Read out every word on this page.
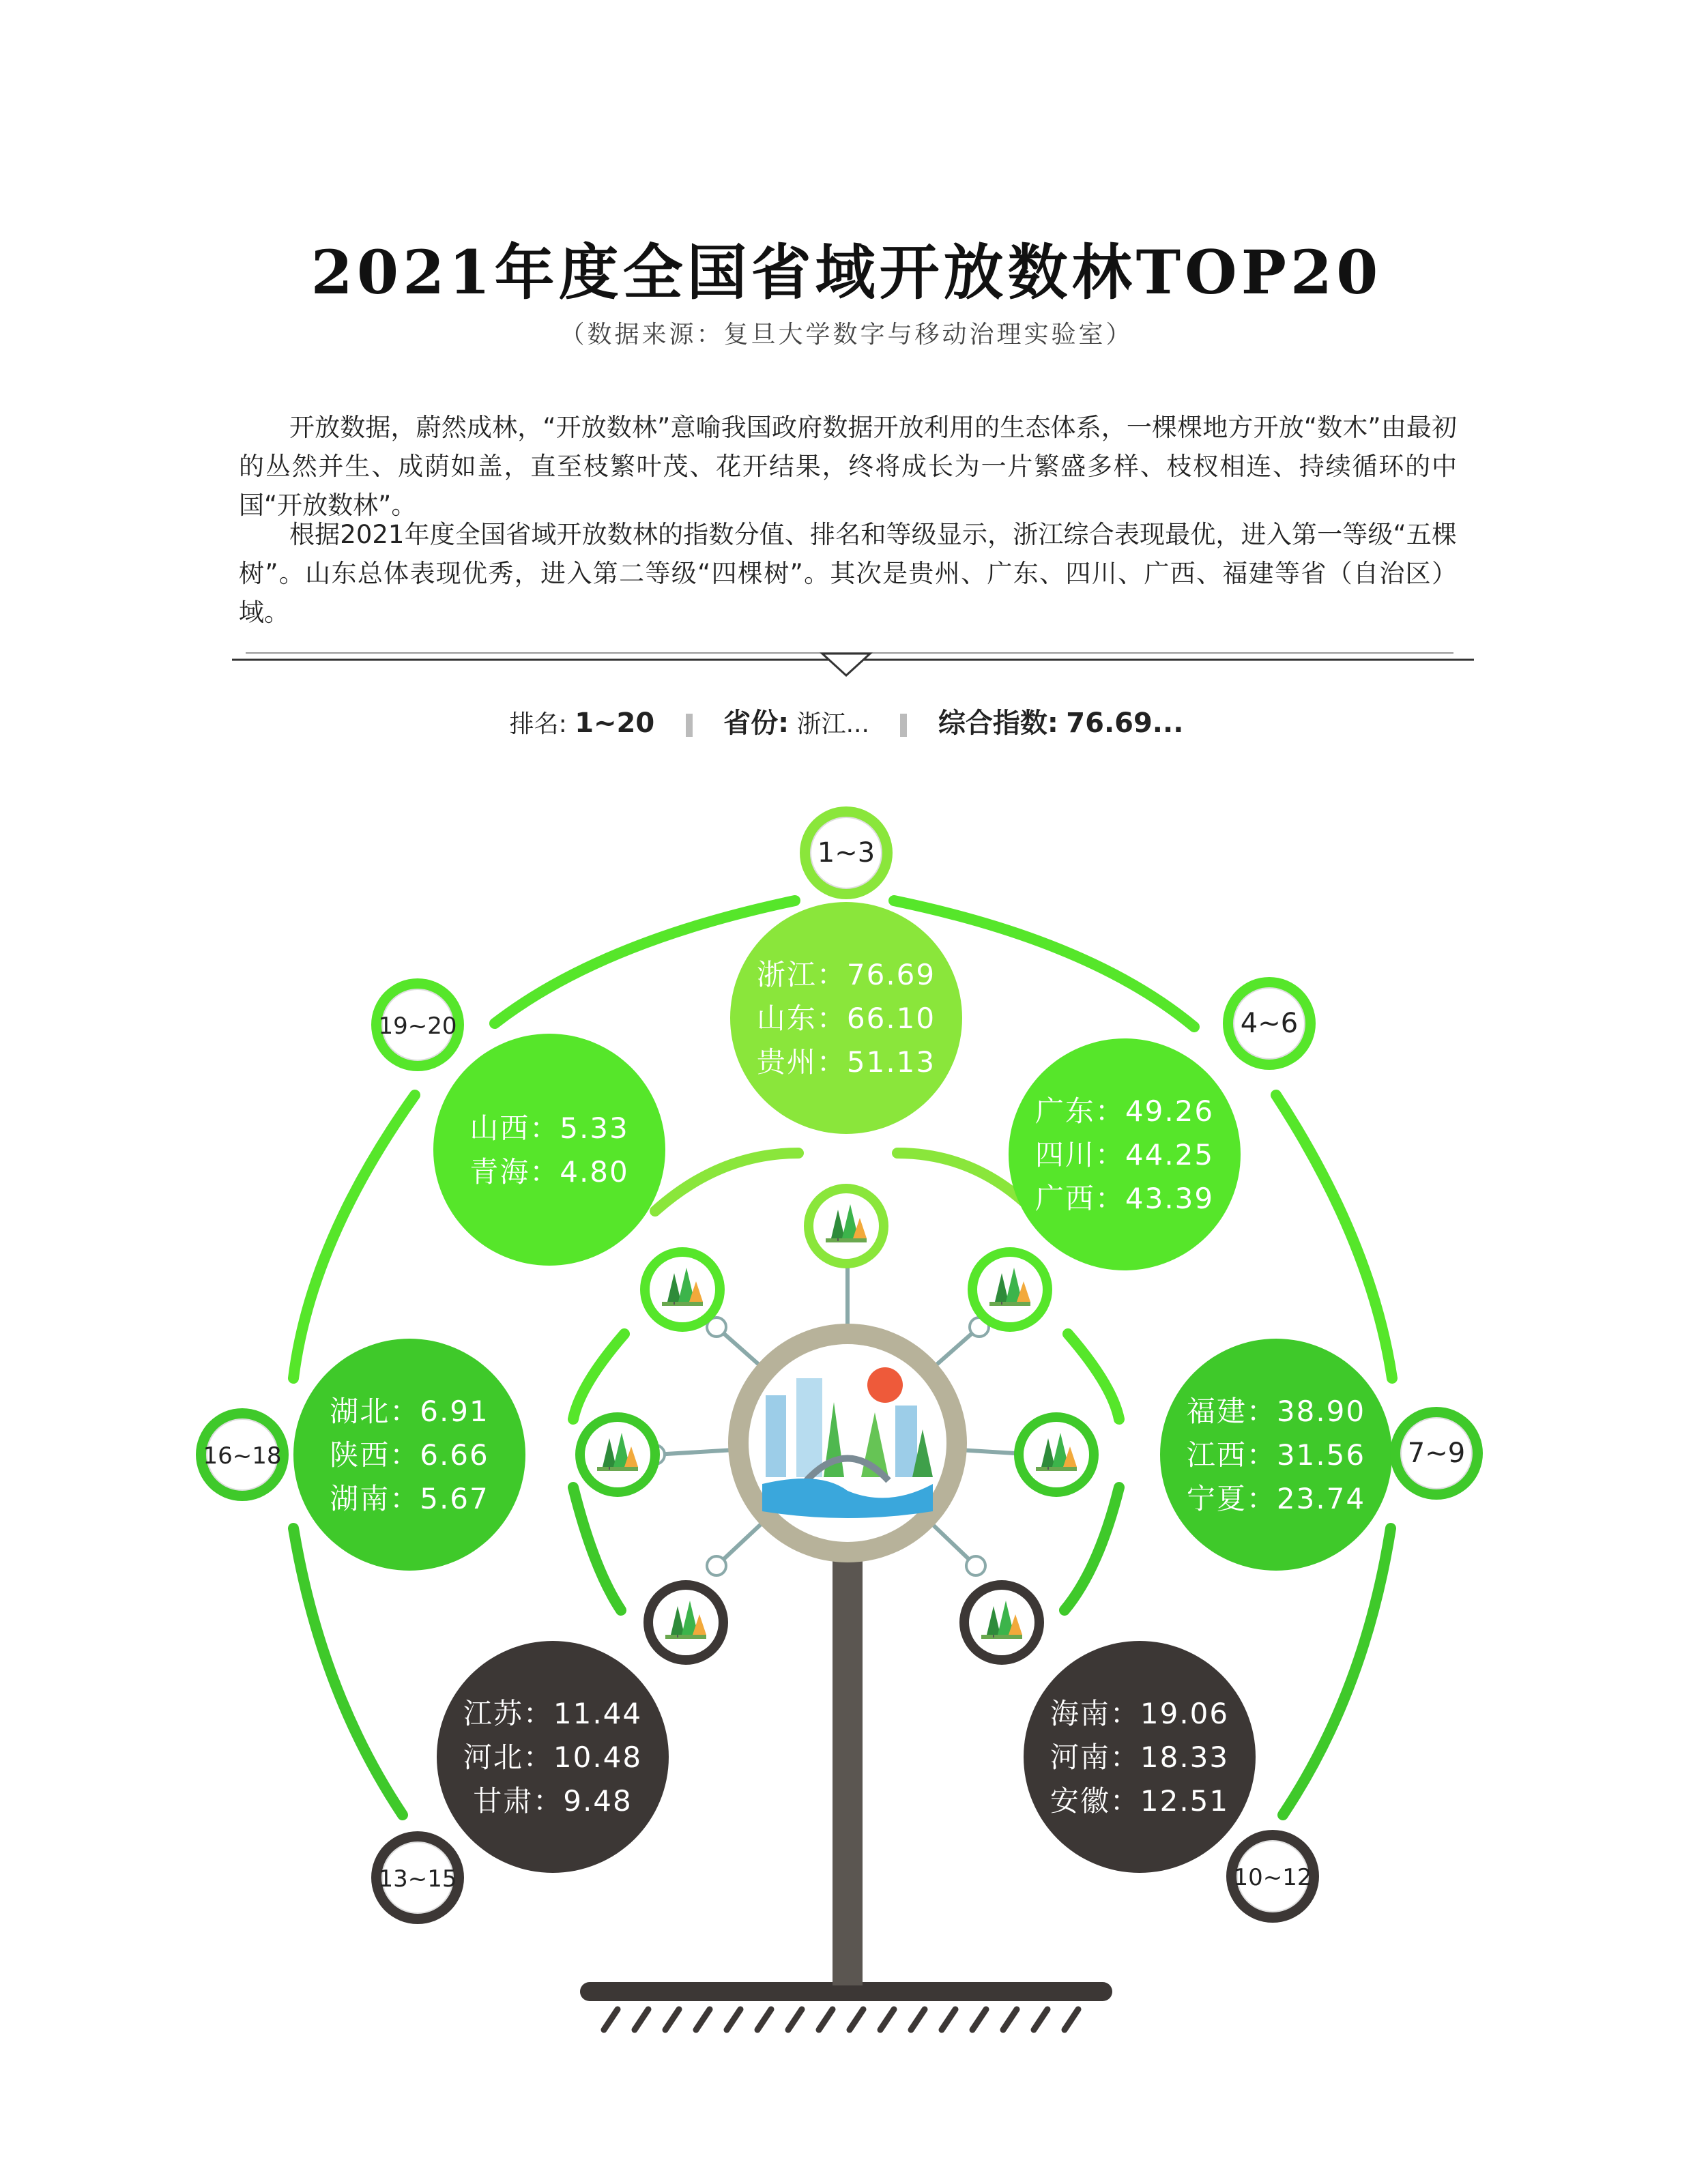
2021年度全国省域开放数林TOP20
（数据来源：复旦大学数字与移动治理实验室）

开放数据，蔚然成林，“开放数林”意喻我国政府数据开放利用的生态体系，一棵棵地方开放“数木”由最初的丛然并生、成荫如盖，直至枝繁叶茂、花开结果，终将成长为一片繁盛多样、枝杈相连、持续循环的中国“开放数林”。

根据2021年度全国省域开放数林的指数分值、排名和等级显示，浙江综合表现最优，进入第一等级“五棵树”。山东总体表现优秀，进入第二等级“四棵树”。其次是贵州、广东、四川、广西、福建等省（自治区）域。

排名: 1~20	省份: 浙江...	综合指数: 76.69...
1~3
浙江：76.69
山东：66.10
贵州：51.13
4~6
广东：49.26
四川：44.25
广西：43.39
7~9
福建：38.90
江西：31.56
宁夏：23.74
10~12
海南：19.06
河南：18.33
安徽：12.51
13~15
江苏：11.44
河北：10.48
甘肃：9.48
16~18
湖北：6.91
陕西：6.66
湖南：5.67
19~20
山西：5.33
青海：4.80
